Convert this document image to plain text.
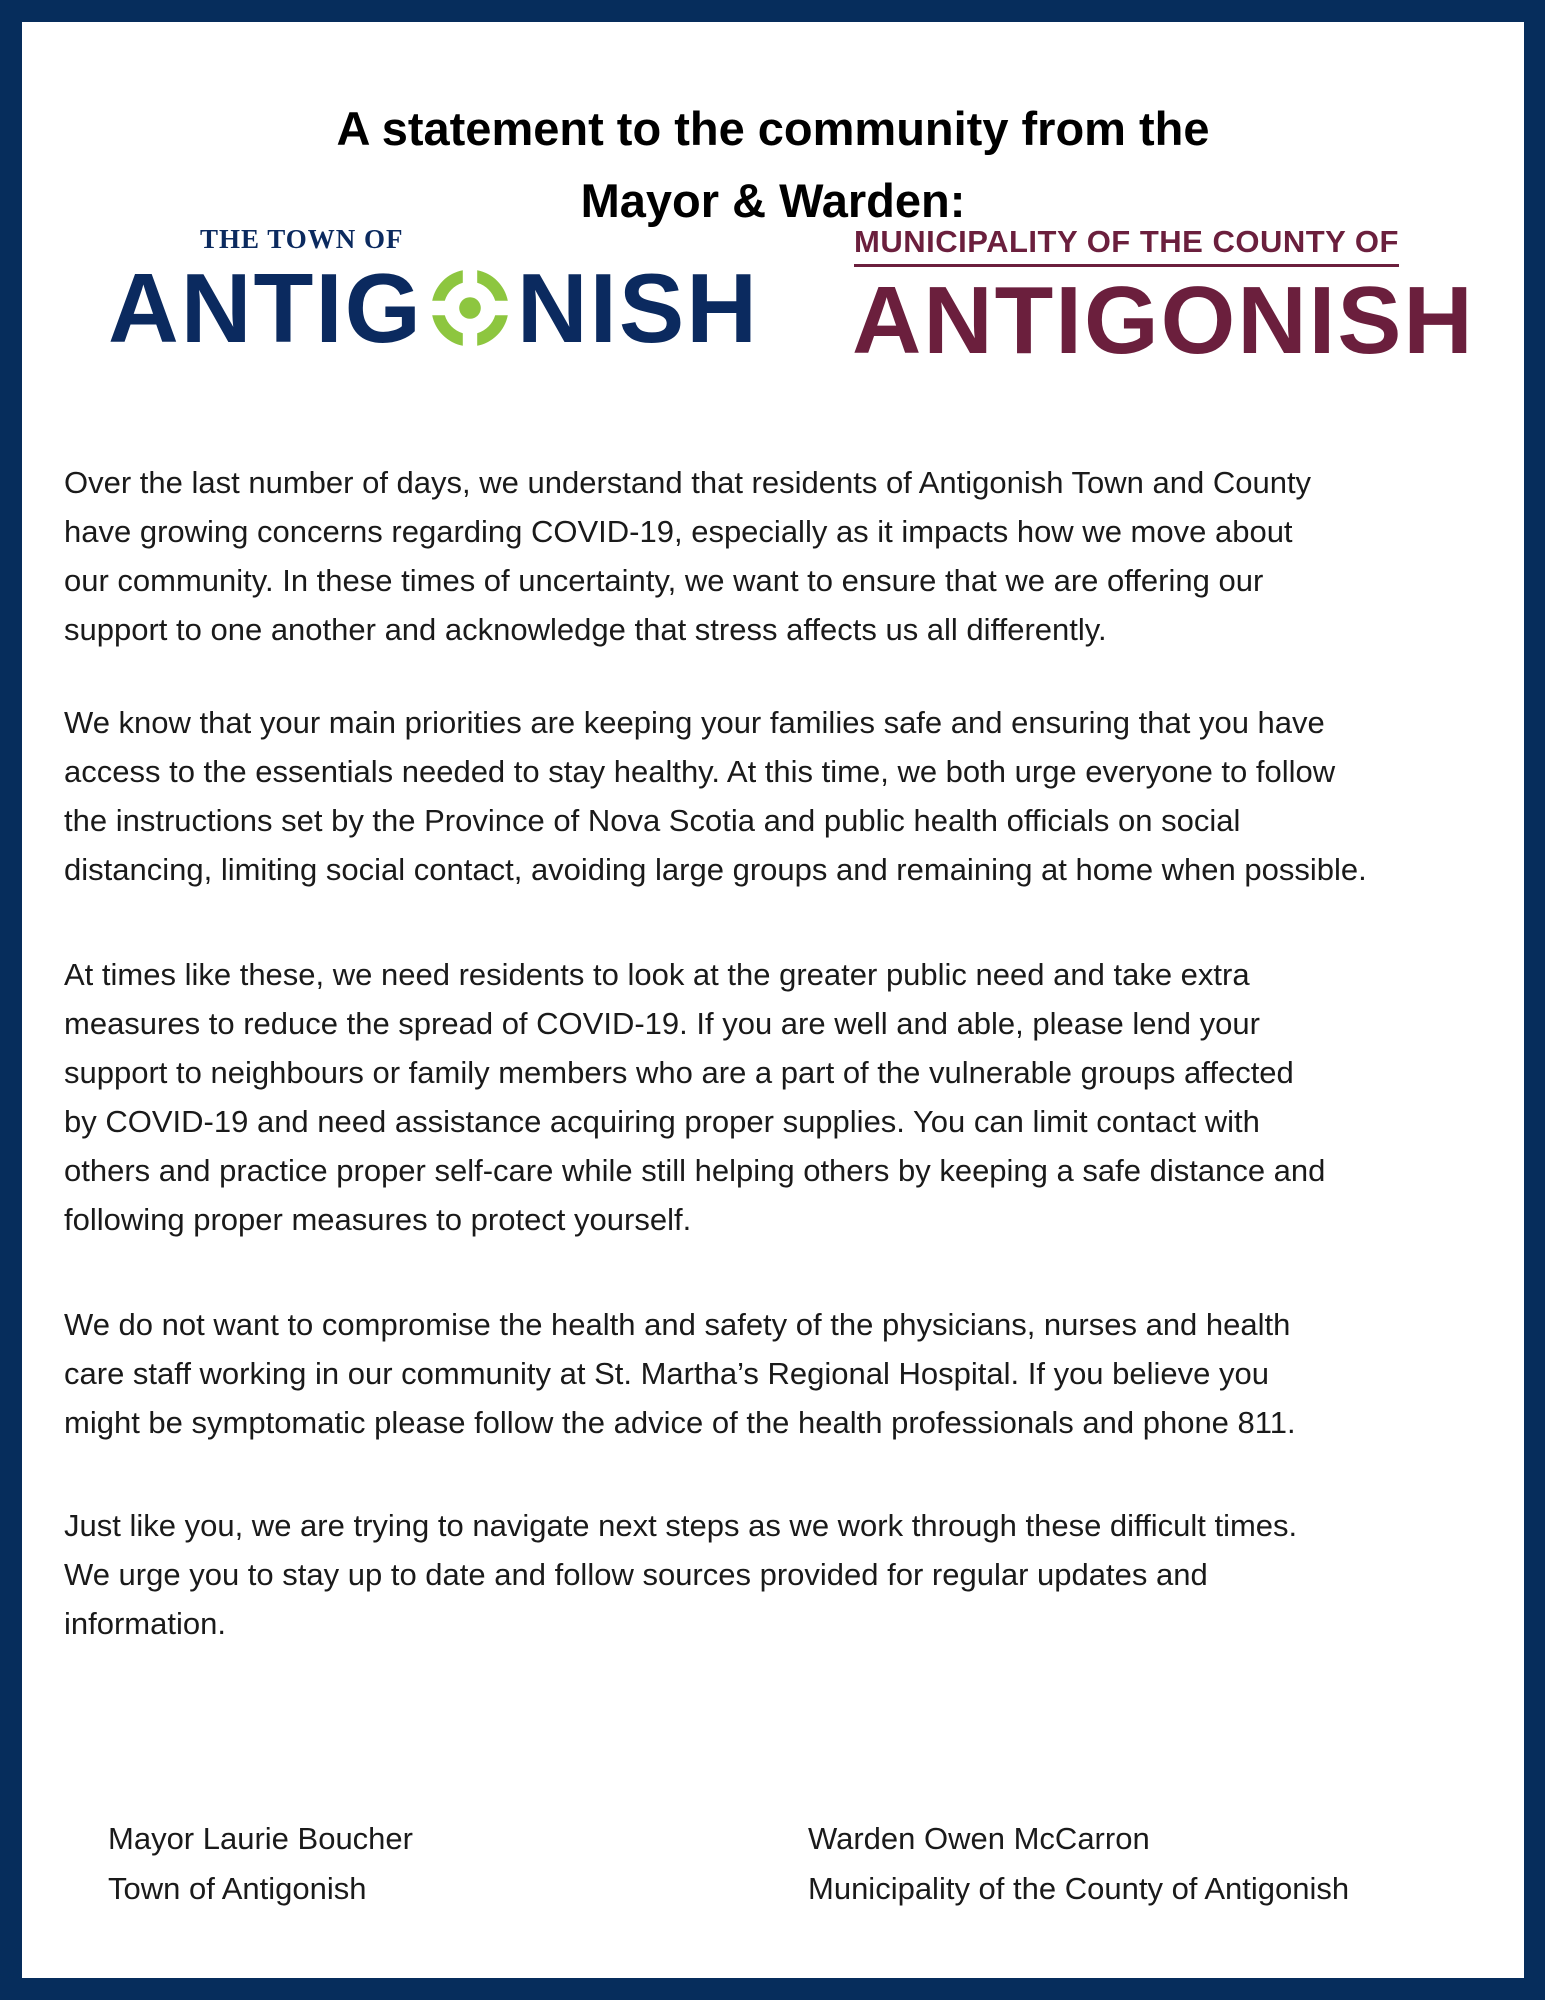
A statement to the community from the
Mayor & Warden:
THE TOWN OF
ANTIG NISH
MUNICIPALITY OF THE COUNTY OF
ANTIGONISH

Over the last number of days, we understand that residents of Antigonish Town and County
have growing concerns regarding COVID-19, especially as it impacts how we move about
our community. In these times of uncertainty, we want to ensure that we are offering our
support to one another and acknowledge that stress affects us all differently.

We know that your main priorities are keeping your families safe and ensuring that you have
access to the essentials needed to stay healthy. At this time, we both urge everyone to follow
the instructions set by the Province of Nova Scotia and public health officials on social
distancing, limiting social contact, avoiding large groups and remaining at home when possible.

At times like these, we need residents to look at the greater public need and take extra
measures to reduce the spread of COVID-19. If you are well and able, please lend your
support to neighbours or family members who are a part of the vulnerable groups affected
by COVID-19 and need assistance acquiring proper supplies. You can limit contact with
others and practice proper self-care while still helping others by keeping a safe distance and
following proper measures to protect yourself.

We do not want to compromise the health and safety of the physicians, nurses and health
care staff working in our community at St. Martha’s Regional Hospital. If you believe you
might be symptomatic please follow the advice of the health professionals and phone 811.

Just like you, we are trying to navigate next steps as we work through these difficult times.
We urge you to stay up to date and follow sources provided for regular updates and
information.

Mayor Laurie Boucher
Town of Antigonish
Warden Owen McCarron
Municipality of the County of Antigonish
